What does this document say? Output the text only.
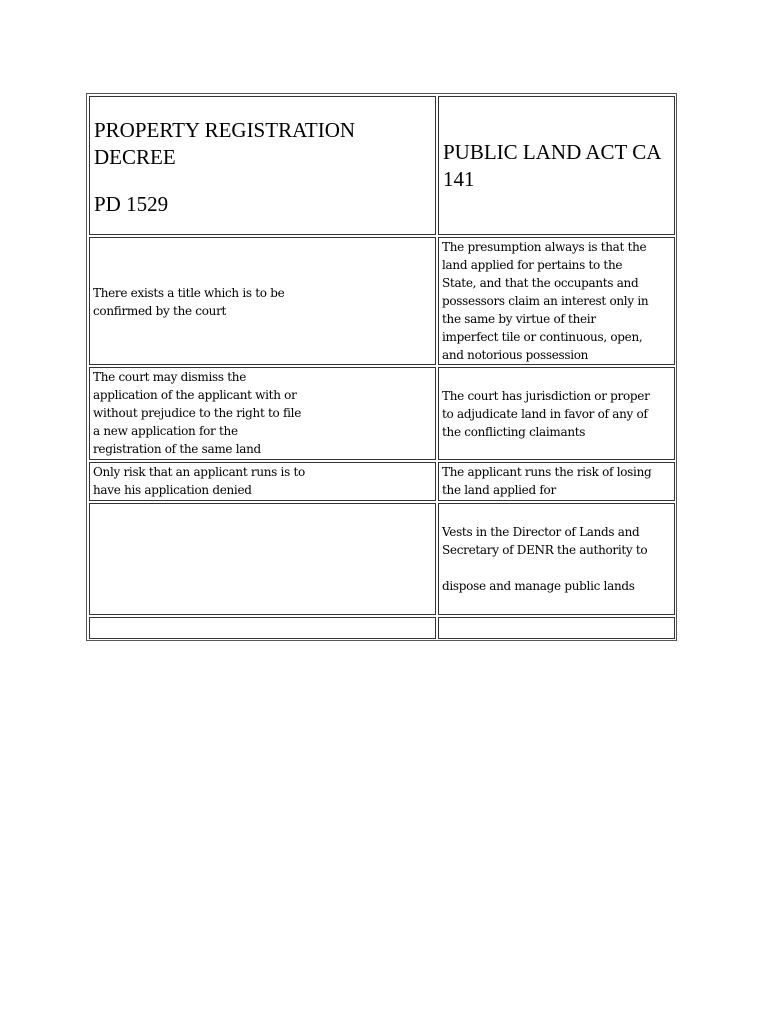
PROPERTY REGISTRATION DECREE
PD 1529
PUBLIC LAND ACT CA 141
There exists a title which is to be
confirmed by the court
The presumption always is that the
land applied for pertains to the
State, and that the occupants and
possessors claim an interest only in
the same by virtue of their
imperfect tile or continuous, open,
and notorious possession
The court may dismiss the
application of the applicant with or
without prejudice to the right to file
a new application for the
registration of the same land
The court has jurisdiction or proper
to adjudicate land in favor of any of
the conflicting claimants
Only risk that an applicant runs is to
have his application denied
The applicant runs the risk of losing
the land applied for
Vests in the Director of Lands and
Secretary of DENR the authority to
dispose and manage public lands
